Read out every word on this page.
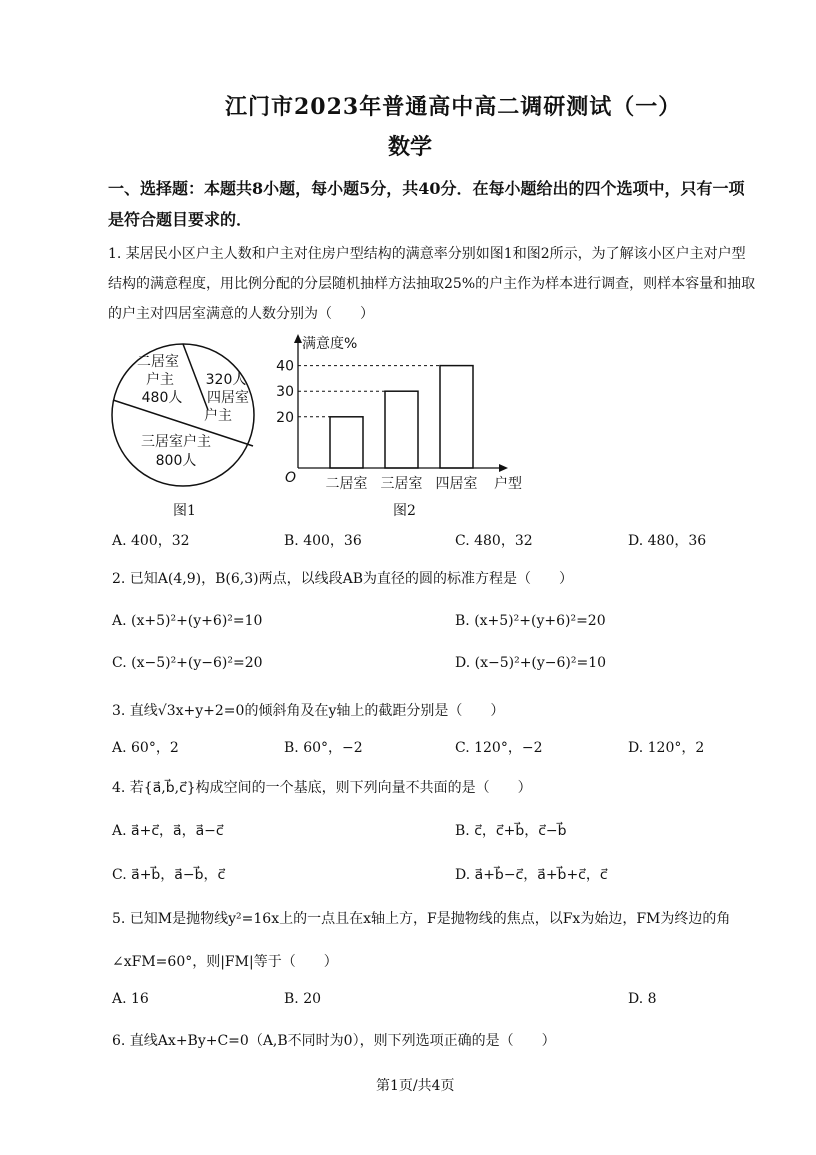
江门市2023年普通高中高二调研测试（一）
数学
一、选择题：本题共8小题，每小题5分，共40分．在每小题给出的四个选项中，只有一项
是符合题目要求的．
1. 某居民小区户主人数和户主对住房户型结构的满意率分别如图1和图2所示，为了解该小区户主对户型
结构的满意程度，用比例分配的分层随机抽样方法抽取25%的户主作为样本进行调查，则样本容量和抽取
的户主对四居室满意的人数分别为（　　）
二居室
户主
480人
320人
四居室
户主
三居室户主
800人
图1
满意度%
O	户型
20
二居室
30
三居室
40
四居室
图2
A. 400，32	B. 400，36	C. 480，32	D. 480，36
2. 已知A(4,9)，B(6,3)两点，以线段AB为直径的圆的标准方程是（　　）
A. (x+5)²+(y+6)²=10	B. (x+5)²+(y+6)²=20
C. (x−5)²+(y−6)²=20	D. (x−5)²+(y−6)²=10
3. 直线√3x+y+2=0的倾斜角及在y轴上的截距分别是（　　）
A. 60°，2	B. 60°，−2	C. 120°，−2	D. 120°，2
4. 若{a⃗,b⃗,c⃗}构成空间的一个基底，则下列向量不共面的是（　　）
A. a⃗+c⃗，a⃗，a⃗−c⃗	B. c⃗，c⃗+b⃗，c⃗−b⃗
C. a⃗+b⃗，a⃗−b⃗，c⃗	D. a⃗+b⃗−c⃗，a⃗+b⃗+c⃗，c⃗
5. 已知M是抛物线y²=16x上的一点且在x轴上方，F是抛物线的焦点，以Fx为始边，FM为终边的角
∠xFM=60°，则|FM|等于（　　）
A. 16	B. 20	D. 8
6. 直线Ax+By+C=0（A,B不同时为0），则下列选项正确的是（　　）
第1页/共4页
